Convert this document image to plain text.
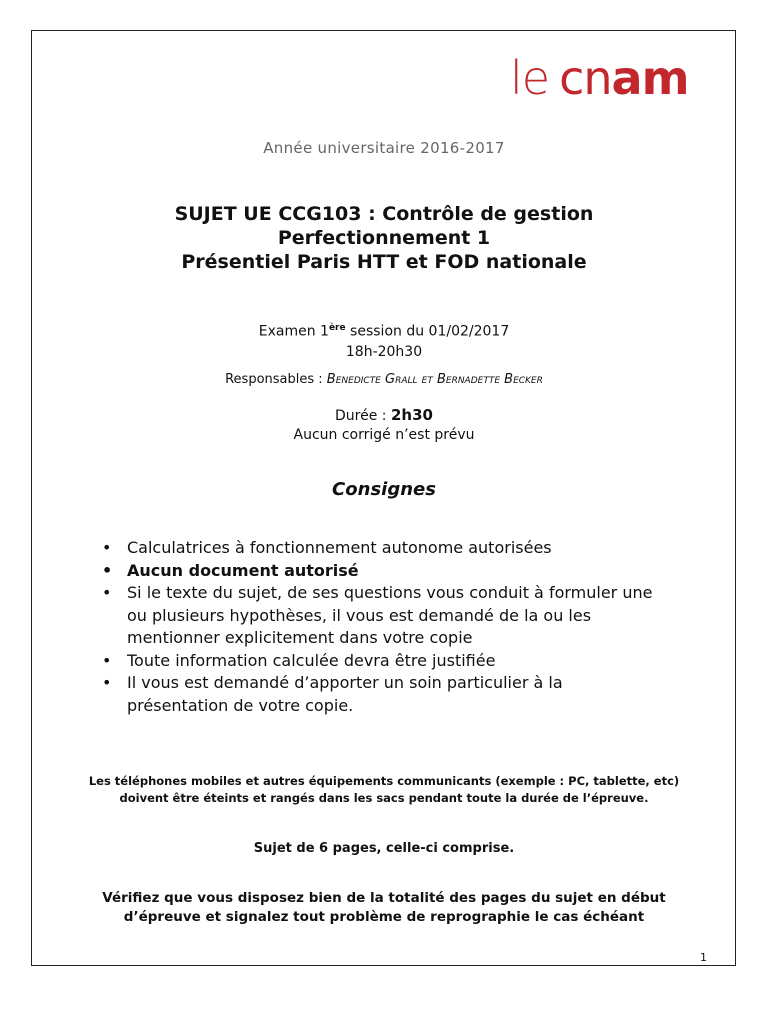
le cnam
Année universitaire 2016-2017
SUJET UE CCG103 : Contrôle de gestion
Perfectionnement 1
Présentiel Paris HTT et FOD nationale
Examen 1ère session du 01/02/2017
18h-20h30
Responsables : Benedicte Grall et Bernadette Becker
Durée : 2h30
Aucun corrigé n’est prévu
Consignes
• Calculatrices à fonctionnement autonome autorisées
• Aucun document autorisé
• Si le texte du sujet, de ses questions vous conduit à formuler une ou plusieurs hypothèses, il vous est demandé de la ou les mentionner explicitement dans votre copie
• Toute information calculée devra être justifiée
• Il vous est demandé d’apporter un soin particulier à la présentation de votre copie.
Les téléphones mobiles et autres équipements communicants (exemple : PC, tablette, etc)
doivent être éteints et rangés dans les sacs pendant toute la durée de l’épreuve.
Sujet de 6 pages, celle-ci comprise.
Vérifiez que vous disposez bien de la totalité des pages du sujet en début
d’épreuve et signalez tout problème de reprographie le cas échéant
1
